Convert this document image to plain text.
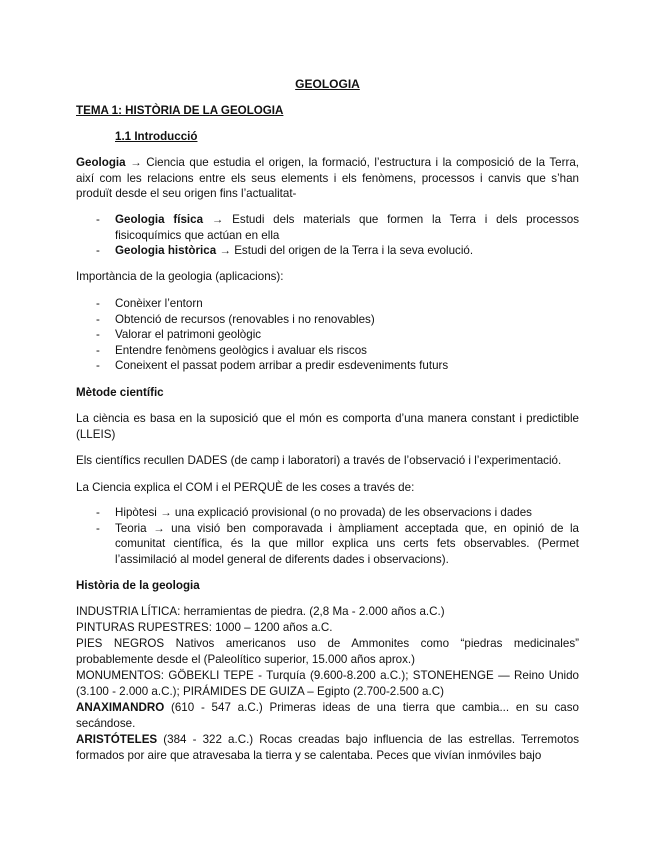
GEOLOGIA

TEMA 1: HISTÒRIA DE LA GEOLOGIA

1.1 Introducció

Geologia → Ciencia que estudia el origen, la formació, l’estructura i la composició de la Terra, així com les relacions entre els seus elements i els fenòmens, processos i canvis que s’han produït desde el seu origen fins l’actualitat-

- Geologia física → Estudi dels materials que formen la Terra i dels processos fisicoquímics que actúan en ella
- Geologia històrica → Estudi del origen de la Terra i la seva evolució.

Importància de la geologia (aplicacions):

- Conèixer l’entorn
- Obtenció de recursos (renovables i no renovables)
- Valorar el patrimoni geològic
- Entendre fenòmens geològics i avaluar els riscos
- Coneixent el passat podem arribar a predir esdeveniments futurs

Mètode científic

La ciència es basa en la suposició que el món es comporta d’una manera constant i predictible (LLEIS)

Els científics recullen DADES (de camp i laboratori) a través de l’observació i l’experimentació.

La Ciencia explica el COM i el PERQUÈ de les coses a través de:

- Hipòtesi → una explicació provisional (o no provada) de les observacions i dades
- Teoria → una visió ben comporavada i àmpliament acceptada que, en opinió de la comunitat científica, és la que millor explica uns certs fets observables. (Permet l’assimilació al model general de diferents dades i observacions).

Història de la geologia

INDUSTRIA LÍTICA: herramientas de piedra. (2,8 Ma - 2.000 años a.C.)
PINTURAS RUPESTRES: 1000 – 1200 años a.C.
PIES NEGROS Nativos americanos uso de Ammonites como “piedras medicinales” probablemente desde el (Paleolítico superior, 15.000 años aprox.)
MONUMENTOS: GÖBEKLI TEPE - Turquía (9.600-8.200 a.C.); STONEHENGE — Reino Unido (3.100 - 2.000 a.C.); PIRÁMIDES DE GUIZA – Egipto (2.700-2.500 a.C)
ANAXIMANDRO (610 - 547 a.C.) Primeras ideas de una tierra que cambia... en su caso secándose.
ARISTÓTELES (384 - 322 a.C.) Rocas creadas bajo influencia de las estrellas. Terremotos formados por aire que atravesaba la tierra y se calentaba. Peces que vivían inmóviles bajo
